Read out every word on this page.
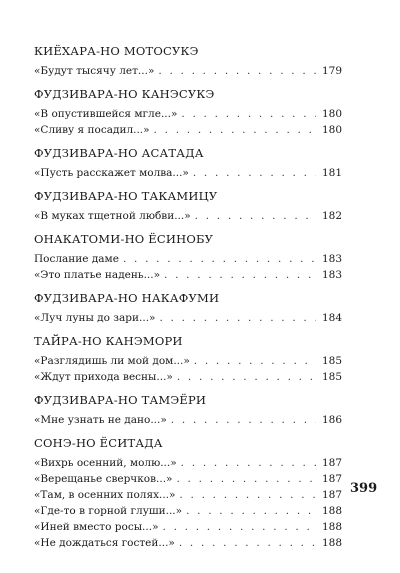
КИЁХАРА-НО МОТОСУКЭ
«Будут тысячу лет...» . . .	179
ФУДЗИВАРА-НО КАНЭСУКЭ
«В опустившейся мгле...» . . .	180
«Сливу я посадил...» . . .	180
ФУДЗИВАРА-НО АСАТАДА
«Пусть расскажет молва...» . . .	181
ФУДЗИВАРА-НО ТАКАМИЦУ
«В муках тщетной любви...» . . .	182
ОНАКАТОМИ-НО ЁСИНОБУ
Послание даме . . .	183
«Это платье надень...» . . .	183
ФУДЗИВАРА-НО НАКАФУМИ
«Луч луны до зари...» . . .	184
ТАЙРА-НО КАНЭМОРИ
«Разглядишь ли мой дом...» . . .	185
«Ждут прихода весны...» . . .	185
ФУДЗИВАРА-НО ТАМЭЁРИ
«Мне узнать не дано...» . . .	186
СОНЭ-НО ЁСИТАДА
«Вихрь осенний, молю...» . . .	187
«Верещанье сверчков...» . . .	187
«Там, в осенних полях...» . . .	187
«Где-то в горной глуши...» . . .	188
«Иней вместо росы...» . . .	188
«Не дождаться гостей...» . . .	188
399
